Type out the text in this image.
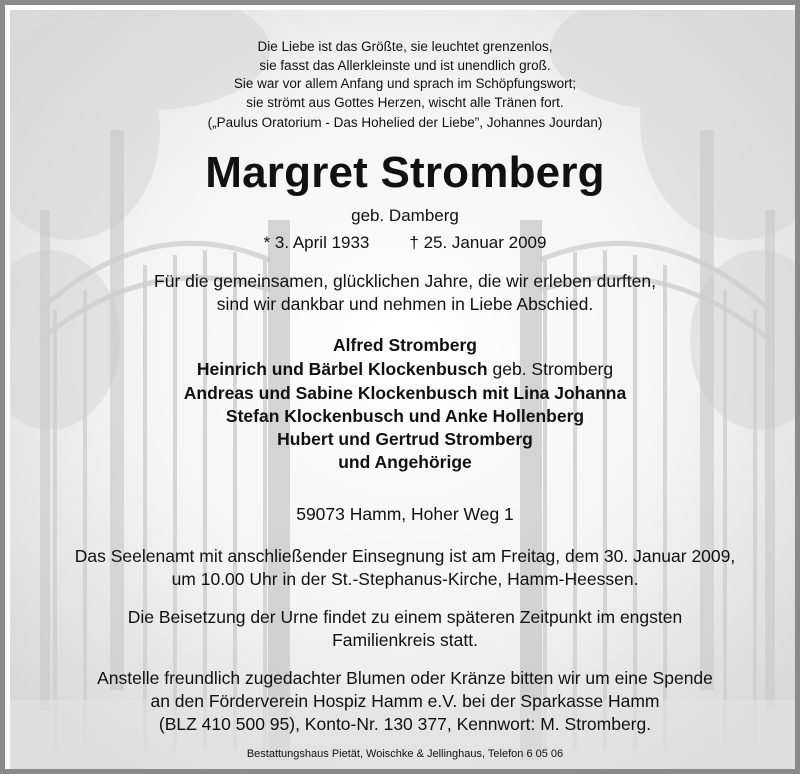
Die Liebe ist das Größte, sie leuchtet grenzenlos,
sie fasst das Allerkleinste und ist unendlich groß.
Sie war vor allem Anfang und sprach im Schöpfungswort;
sie strömt aus Gottes Herzen, wischt alle Tränen fort.
(„Paulus Oratorium - Das Hohelied der Liebe”, Johannes Jourdan)
Margret Stromberg
geb. Damberg
* 3. April 1933 † 25. Januar 2009
Für die gemeinsamen, glücklichen Jahre, die wir erleben durften,
sind wir dankbar und nehmen in Liebe Abschied.
Alfred Stromberg
Heinrich und Bärbel Klockenbusch geb. Stromberg
Andreas und Sabine Klockenbusch mit Lina Johanna
Stefan Klockenbusch und Anke Hollenberg
Hubert und Gertrud Stromberg
und Angehörige
59073 Hamm, Hoher Weg 1
Das Seelenamt mit anschließender Einsegnung ist am Freitag, dem 30. Januar 2009,
um 10.00 Uhr in der St.-Stephanus-Kirche, Hamm-Heessen.
Die Beisetzung der Urne findet zu einem späteren Zeitpunkt im engsten
Familienkreis statt.
Anstelle freundlich zugedachter Blumen oder Kränze bitten wir um eine Spende
an den Förderverein Hospiz Hamm e.V. bei der Sparkasse Hamm
(BLZ 410 500 95), Konto-Nr. 130 377, Kennwort: M. Stromberg.
Bestattungshaus Pietät, Woischke & Jellinghaus, Telefon 6 05 06
